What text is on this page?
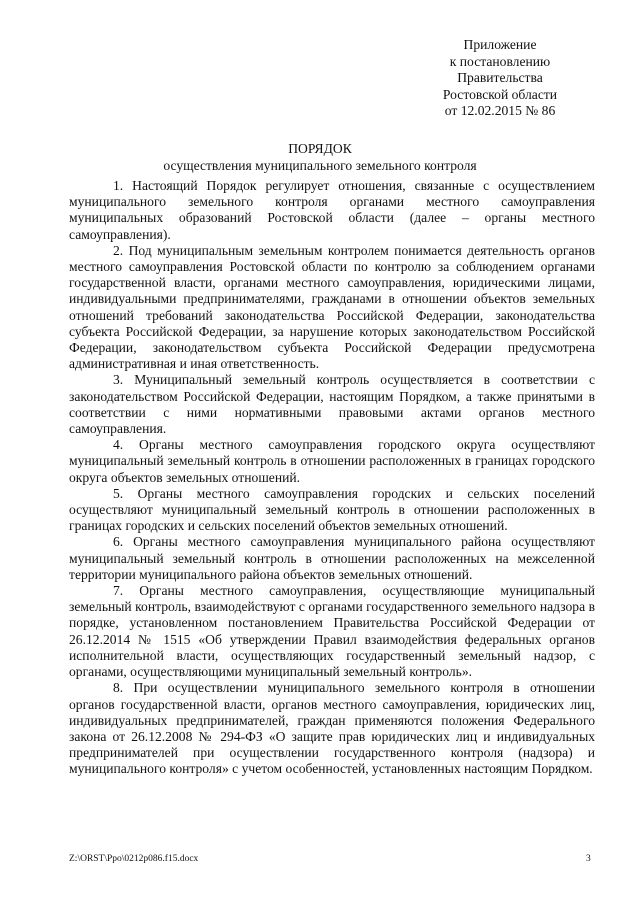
Приложение
к постановлению
Правительства
Ростовской области
от 12.02.2015 № 86
ПОРЯДОК
осуществления муниципального земельного контроля

1. Настоящий Порядок регулирует отношения, связанные с осуществлением муниципального земельного контроля органами местного самоуправления муниципальных образований Ростовской области (далее – органы местного самоуправления).

2. Под муниципальным земельным контролем понимается деятельность органов местного самоуправления Ростовской области по контролю за соблюдением органами государственной власти, органами местного самоуправления, юридическими лицами, индивидуальными предпринимателями, гражданами в отношении объектов земельных отношений требований законодательства Российской Федерации, законодательства субъекта Российской Федерации, за нарушение которых законодательством Российской Федерации, законодательством субъекта Российской Федерации предусмотрена административная и иная ответственность.

3. Муниципальный земельный контроль осуществляется в соответствии с законодательством Российской Федерации, настоящим Порядком, а также принятыми в соответствии с ними нормативными правовыми актами органов местного самоуправления.

4. Органы местного самоуправления городского округа осуществляют муниципальный земельный контроль в отношении расположенных в границах городского округа объектов земельных отношений.

5. Органы местного самоуправления городских и сельских поселений осуществляют муниципальный земельный контроль в отношении расположенных в границах городских и сельских поселений объектов земельных отношений.

6. Органы местного самоуправления муниципального района осуществляют муниципальный земельный контроль в отношении расположенных на межселенной территории муниципального района объектов земельных отношений.

7. Органы местного самоуправления, осуществляющие муниципальный земельный контроль, взаимодействуют с органами государственного земельного надзора в порядке, установленном постановлением Правительства Российской Федерации от 26.12.2014 № 1515 «Об утверждении Правил взаимодействия федеральных органов исполнительной власти, осуществляющих государственный земельный надзор, с органами, осуществляющими муниципальный земельный контроль».

8. При осуществлении муниципального земельного контроля в отношении органов государственной власти, органов местного самоуправления, юридических лиц, индивидуальных предпринимателей, граждан применяются положения Федерального закона от 26.12.2008 № 294-ФЗ «О защите прав юридических лиц и индивидуальных предпринимателей при осуществлении государственного контроля (надзора) и муниципального контроля» с учетом особенностей, установленных настоящим Порядком.

Z:\ORST\Ppo\0212p086.f15.docx	3
